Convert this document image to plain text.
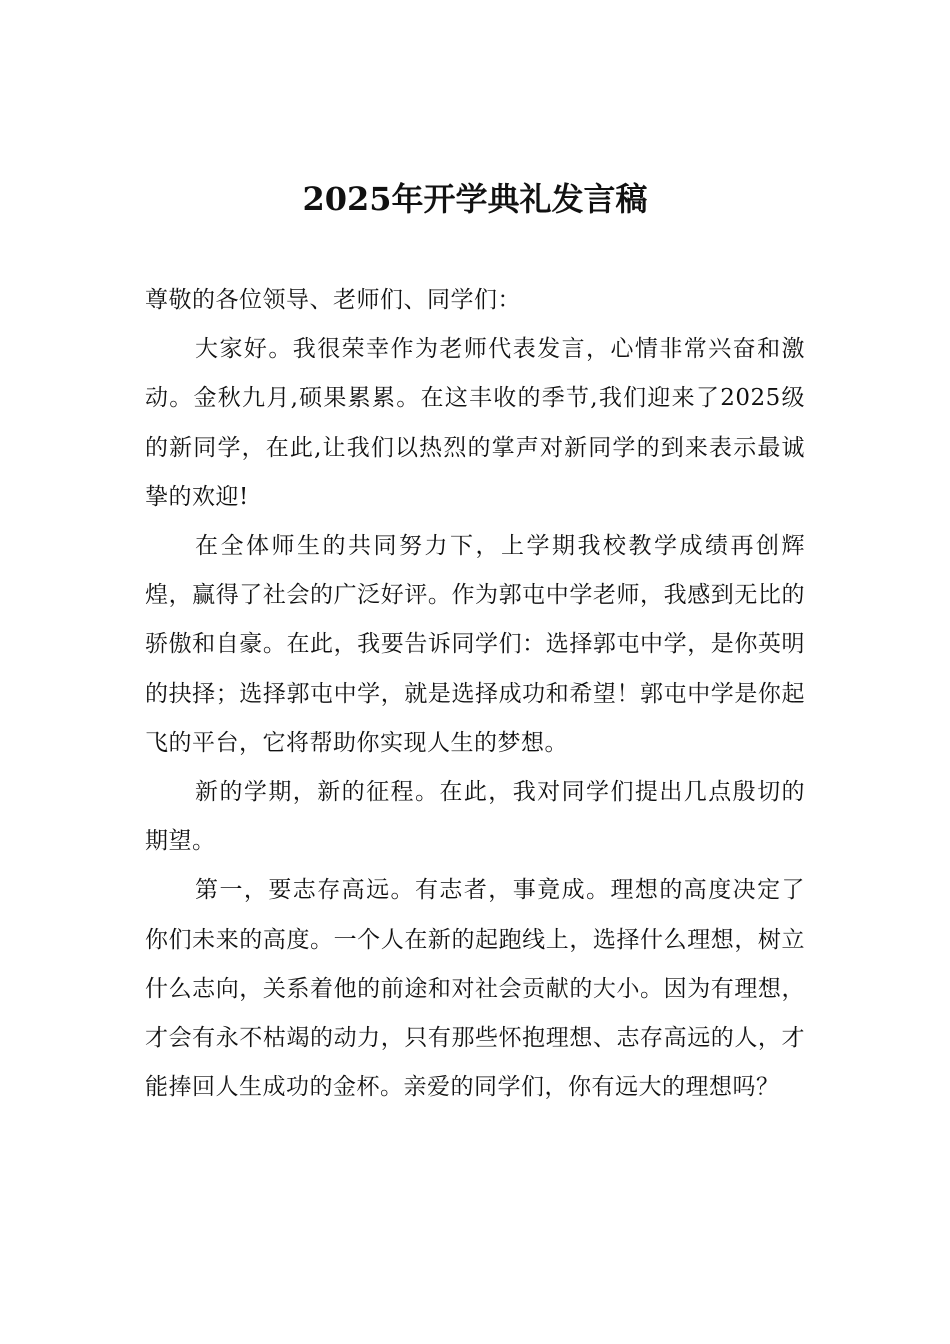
2025年开学典礼发言稿

尊敬的各位领导、老师们、同学们：

大家好。我很荣幸作为老师代表发言，心情非常兴奋和激动。金秋九月,硕果累累。在这丰收的季节,我们迎来了2025级的新同学，在此,让我们以热烈的掌声对新同学的到来表示最诚挚的欢迎!

在全体师生的共同努力下，上学期我校教学成绩再创辉煌，赢得了社会的广泛好评。作为郭屯中学老师，我感到无比的骄傲和自豪。在此，我要告诉同学们：选择郭屯中学，是你英明的抉择；选择郭屯中学，就是选择成功和希望！郭屯中学是你起飞的平台，它将帮助你实现人生的梦想。

新的学期，新的征程。在此，我对同学们提出几点殷切的期望。

第一，要志存高远。有志者，事竟成。理想的高度决定了你们未来的高度。一个人在新的起跑线上，选择什么理想，树立什么志向，关系着他的前途和对社会贡献的大小。因为有理想，才会有永不枯竭的动力，只有那些怀抱理想、志存高远的人，才能捧回人生成功的金杯。亲爱的同学们，你有远大的理想吗？
